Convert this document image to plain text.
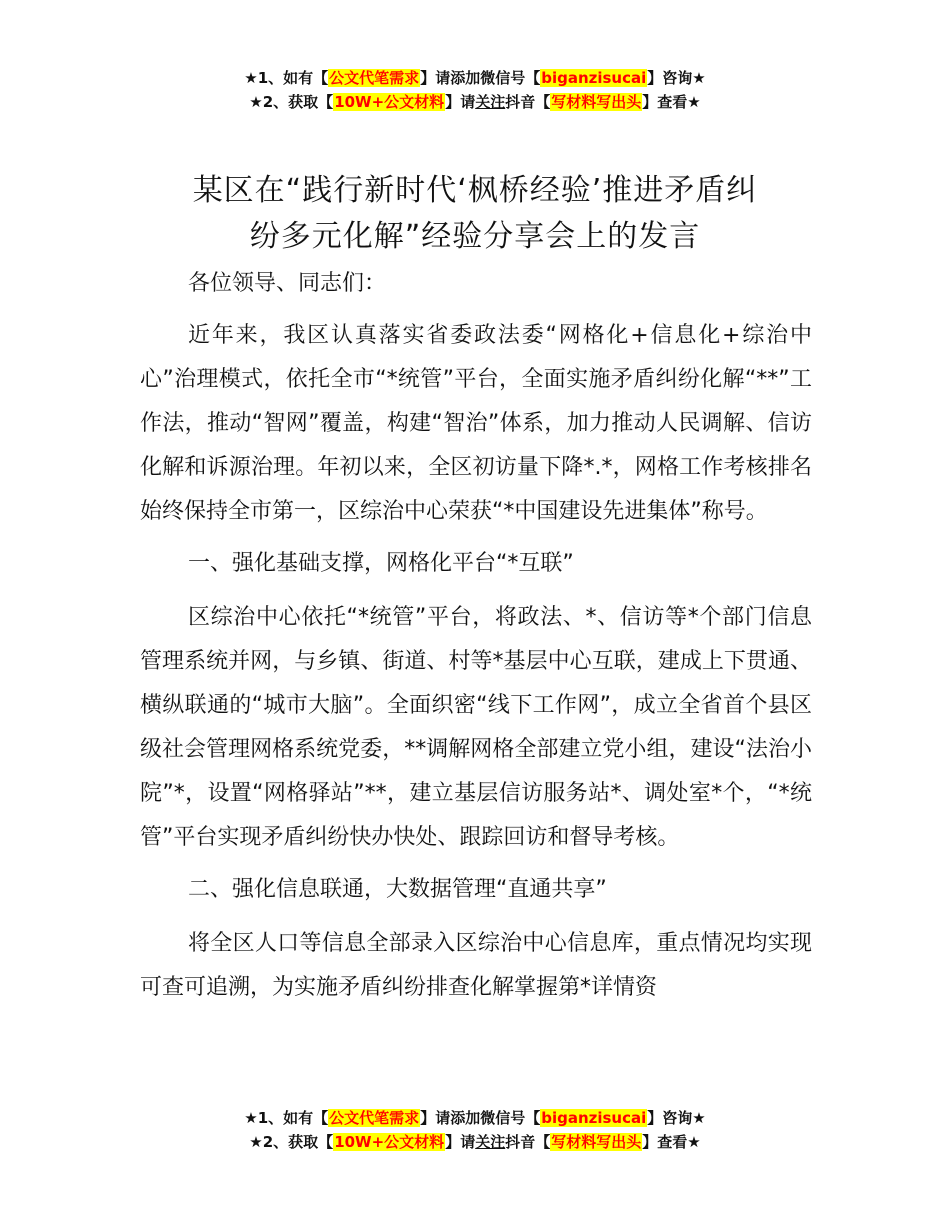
★1、如有【公文代笔需求】请添加微信号【biganzisucai】咨询★
★2、获取【10W+公文材料】请关注抖音【写材料写出头】查看★
某区在“践行新时代‘枫桥经验’推进矛盾纠
纷多元化解”经验分享会上的发言

各位领导、同志们：

近年来，我区认真落实省委政法委“网格化+信息化+综治中心”治理模式，依托全市“*统管”平台，全面实施矛盾纠纷化解“**”工作法，推动“智网”覆盖，构建“智治”体系，加力推动人民调解、信访化解和诉源治理。年初以来，全区初访量下降*.*，网格工作考核排名始终保持全市第一，区综治中心荣获“*中国建设先进集体”称号。

一、强化基础支撑，网格化平台“*互联”

区综治中心依托“*统管”平台，将政法、*、信访等*个部门信息管理系统并网，与乡镇、街道、村等*基层中心互联，建成上下贯通、横纵联通的“城市大脑”。全面织密“线下工作网”，成立全省首个县区级社会管理网格系统党委，**调解网格全部建立党小组，建设“法治小院”*，设置“网格驿站”**，建立基层信访服务站*、调处室*个，“*统管”平台实现矛盾纠纷快办快处、跟踪回访和督导考核。

二、强化信息联通，大数据管理“直通共享”

将全区人口等信息全部录入区综治中心信息库，重点情况均实现可查可追溯，为实施矛盾纠纷排查化解掌握第*详情资

★1、如有【公文代笔需求】请添加微信号【biganzisucai】咨询★
★2、获取【10W+公文材料】请关注抖音【写材料写出头】查看★
